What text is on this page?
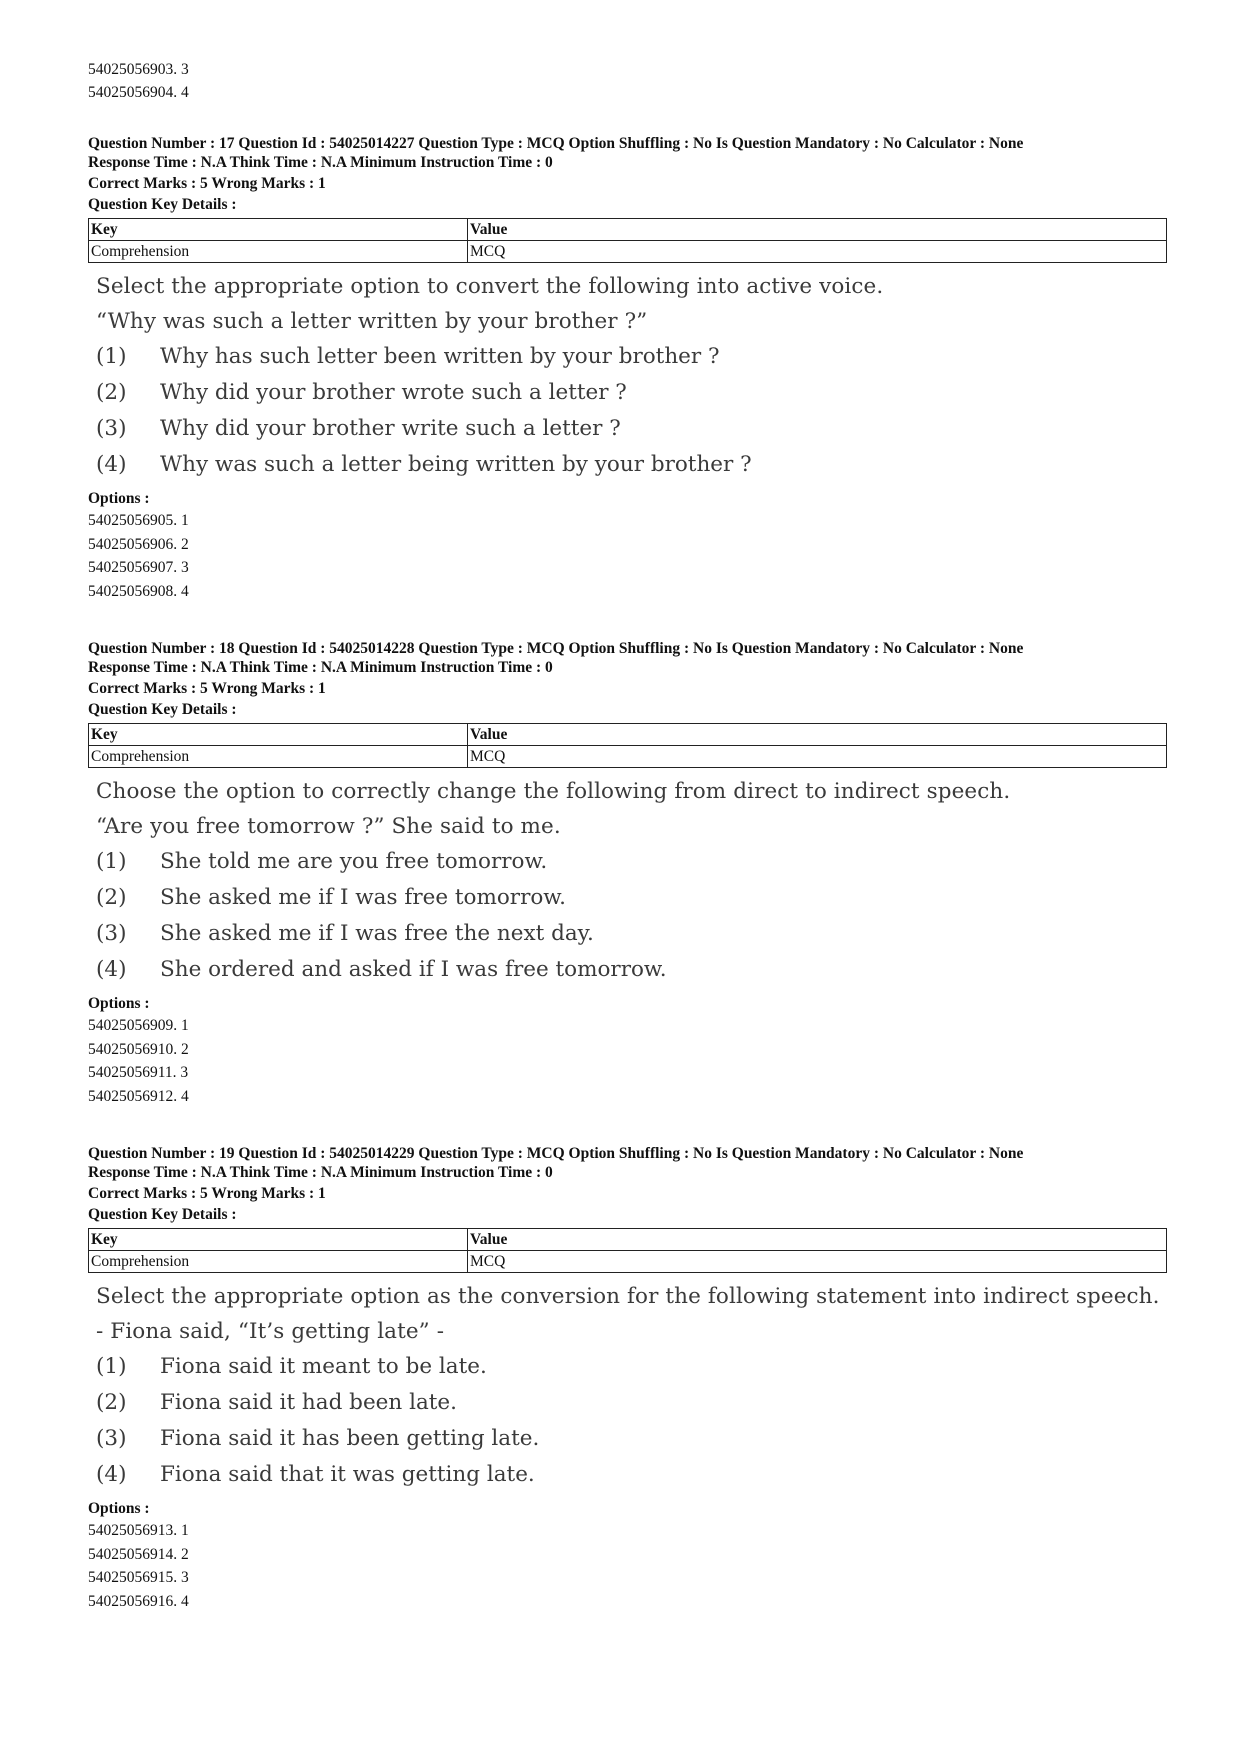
54025056903. 3
54025056904. 4
Question Number : 17 Question Id : 54025014227 Question Type : MCQ Option Shuffling : No Is Question Mandatory : No Calculator : None
Response Time : N.A Think Time : N.A Minimum Instruction Time : 0
Correct Marks : 5 Wrong Marks : 1
Question Key Details :
Key	Value
Comprehension	MCQ
Select the appropriate option to convert the following into active voice.
“Why was such a letter written by your brother ?”
(1)	Why has such letter been written by your brother ?
(2)	Why did your brother wrote such a letter ?
(3)	Why did your brother write such a letter ?
(4)	Why was such a letter being written by your brother ?
Options :
54025056905. 1
54025056906. 2
54025056907. 3
54025056908. 4
Question Number : 18 Question Id : 54025014228 Question Type : MCQ Option Shuffling : No Is Question Mandatory : No Calculator : None
Response Time : N.A Think Time : N.A Minimum Instruction Time : 0
Correct Marks : 5 Wrong Marks : 1
Question Key Details :
Key	Value
Comprehension	MCQ
Choose the option to correctly change the following from direct to indirect speech.
“Are you free tomorrow ?” She said to me.
(1)	She told me are you free tomorrow.
(2)	She asked me if I was free tomorrow.
(3)	She asked me if I was free the next day.
(4)	She ordered and asked if I was free tomorrow.
Options :
54025056909. 1
54025056910. 2
54025056911. 3
54025056912. 4
Question Number : 19 Question Id : 54025014229 Question Type : MCQ Option Shuffling : No Is Question Mandatory : No Calculator : None
Response Time : N.A Think Time : N.A Minimum Instruction Time : 0
Correct Marks : 5 Wrong Marks : 1
Question Key Details :
Key	Value
Comprehension	MCQ
Select the appropriate option as the conversion for the following statement into indirect speech.
- Fiona said, “It’s getting late” -
(1)	Fiona said it meant to be late.
(2)	Fiona said it had been late.
(3)	Fiona said it has been getting late.
(4)	Fiona said that it was getting late.
Options :
54025056913. 1
54025056914. 2
54025056915. 3
54025056916. 4
